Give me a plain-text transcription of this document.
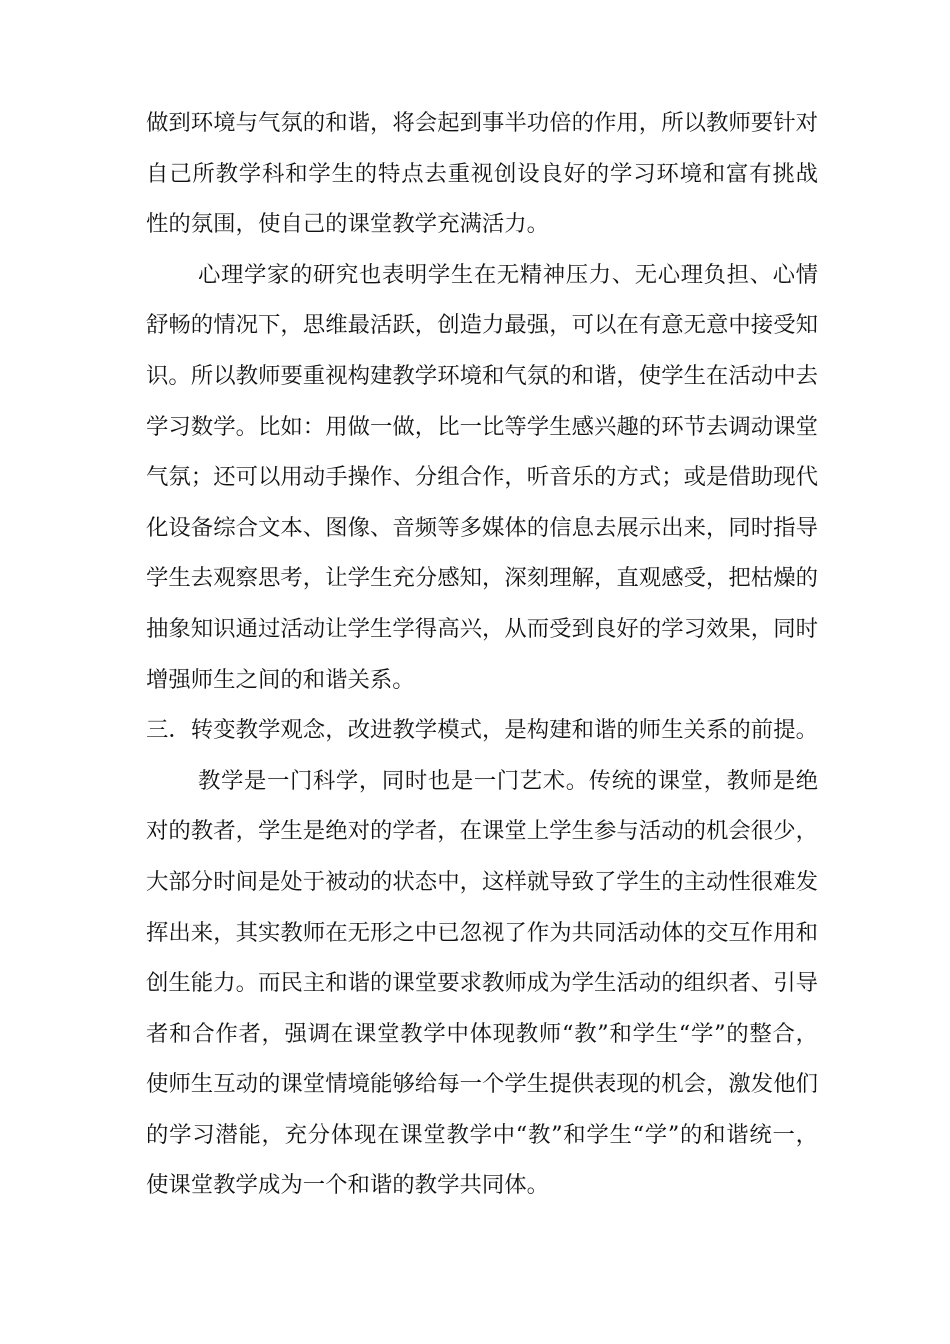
做到环境与气氛的和谐，将会起到事半功倍的作用，所以教师要针对
自己所教学科和学生的特点去重视创设良好的学习环境和富有挑战
性的氛围，使自己的课堂教学充满活力。
心理学家的研究也表明学生在无精神压力、无心理负担、心情
舒畅的情况下，思维最活跃，创造力最强，可以在有意无意中接受知
识。所以教师要重视构建教学环境和气氛的和谐，使学生在活动中去
学习数学。比如：用做一做，比一比等学生感兴趣的环节去调动课堂
气氛；还可以用动手操作、分组合作，听音乐的方式；或是借助现代
化设备综合文本、图像、音频等多媒体的信息去展示出来，同时指导
学生去观察思考，让学生充分感知，深刻理解，直观感受，把枯燥的
抽象知识通过活动让学生学得高兴，从而受到良好的学习效果，同时
增强师生之间的和谐关系。
三．转变教学观念，改进教学模式，是构建和谐的师生关系的前提。
教学是一门科学，同时也是一门艺术。传统的课堂，教师是绝
对的教者，学生是绝对的学者，在课堂上学生参与活动的机会很少，
大部分时间是处于被动的状态中，这样就导致了学生的主动性很难发
挥出来，其实教师在无形之中已忽视了作为共同活动体的交互作用和
创生能力。而民主和谐的课堂要求教师成为学生活动的组织者、引导
者和合作者，强调在课堂教学中体现教师“教”和学生“学”的整合，
使师生互动的课堂情境能够给每一个学生提供表现的机会，激发他们
的学习潜能，充分体现在课堂教学中“教”和学生“学”的和谐统一，
使课堂教学成为一个和谐的教学共同体。
